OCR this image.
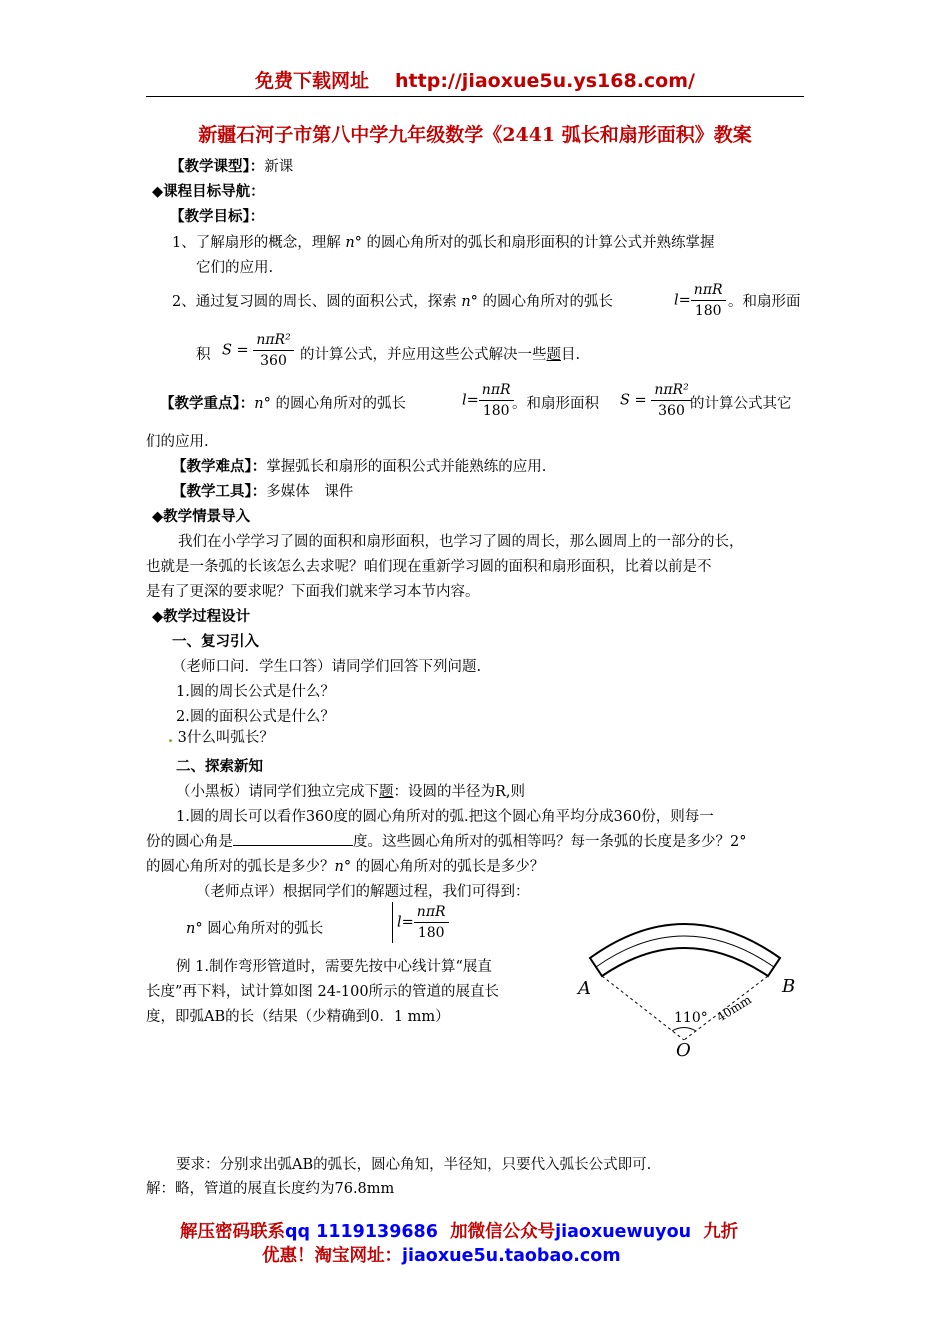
免费下载网址 http://jiaoxue5u.ys168.com/
新疆石河子市第八中学九年级数学《2441 弧长和扇形面积》教案
【教学课型】：新课
◆课程目标导航：
【教学目标】：
1、了解扇形的概念，理解 n° 的圆心角所对的弧长和扇形面积的计算公式并熟练掌握
它们的应用.
2、通过复习圆的周长、圆的面积公式，探索 n° 的圆心角所对的弧长	$l= \frac{\text{nπR}}{180}$ 。和扇形面
积 $S = \frac{\text{nπR²}}{360}$ 的计算公式，并应用这些公式解决一些题目.
【教学重点】：n° 的圆心角所对的弧长	$l= \frac{\text{nπR}}{180}$
。和扇形面积 $S = \frac{\text{nπR²}}{360}$
的计算公式其它
们的应用.
【教学难点】：掌握弧长和扇形的面积公式并能熟练的应用.
【教学工具】：多媒体　课件
◆教学情景导入
我们在小学学习了圆的面积和扇形面积，也学习了圆的周长，那么圆周上的一部分的长，
也就是一条弧的长该怎么去求呢？咱们现在重新学习圆的面积和扇形面积，比着以前是不
是有了更深的要求呢？下面我们就来学习本节内容。
◆教学过程设计
一、复习引入
（老师口问．学生口答）请同学们回答下列问题.
1.圆的周长公式是什么？
2.圆的面积公式是什么？
. 3什么叫弧长？
二、探索新知
（小黑板）请同学们独立完成下题：设圆的半径为R,则
1.圆的周长可以看作360度的圆心角所对的弧.把这个圆心角平均分成360份，则每一
份的圆心角是	度。这些圆心角所对的弧相等吗？每一条弧的长度是多少？2°
的圆心角所对的弧长是多少？n° 的圆心角所对的弧长是多少？
（老师点评）根据同学们的解题过程，我们可得到：
n° 圆心角所对的弧长	$l= \frac{\text{nπR}}{180}$
例 1.制作弯形管道时，需要先按中心线计算“展直
长度”再下料，试计算如图 24-100所示的管道的展直长
度，即弧AB的长（结果（少精确到0．1 mm）
A	B
O
110° 40mm
要求：分别求出弧AB的弧长，圆心角知，半径知，只要代入弧长公式即可.
解：略，管道的展直长度约为76.8mm
解压密码联系qq 1119139686 加微信公众号jiaoxuewuyou 九折
优惠！淘宝网址：jiaoxue5u.taobao.com
